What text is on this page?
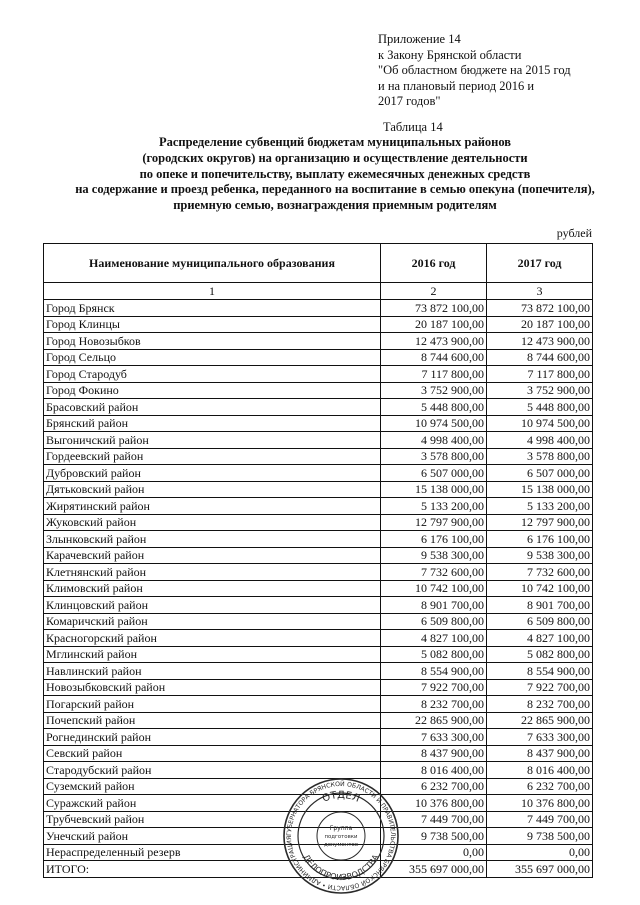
Приложение 14
к Закону Брянской области
"Об областном бюджете на 2015 год
и на плановый период 2016 и
2017 годов"
Таблица 14
Распределение субвенций бюджетам муниципальных районов
(городских округов) на организацию и осуществление деятельности
по опеке и попечительству, выплату ежемесячных денежных средств
на содержание и проезд ребенка, переданного на воспитание в семью опекуна (попечителя),
приемную семью, вознаграждения приемным родителям
рублей
Наименование муниципального образования	2016 год	2017 год
1	2	3
Город Брянск	73 872 100,00	73 872 100,00
Город Клинцы	20 187 100,00	20 187 100,00
Город Новозыбков	12 473 900,00	12 473 900,00
Город Сельцо	8 744 600,00	8 744 600,00
Город Стародуб	7 117 800,00	7 117 800,00
Город Фокино	3 752 900,00	3 752 900,00
Брасовский район	5 448 800,00	5 448 800,00
Брянский район	10 974 500,00	10 974 500,00
Выгоничский район	4 998 400,00	4 998 400,00
Гордеевский район	3 578 800,00	3 578 800,00
Дубровский район	6 507 000,00	6 507 000,00
Дятьковский район	15 138 000,00	15 138 000,00
Жирятинский район	5 133 200,00	5 133 200,00
Жуковский район	12 797 900,00	12 797 900,00
Злынковский район	6 176 100,00	6 176 100,00
Карачевский район	9 538 300,00	9 538 300,00
Клетнянский район	7 732 600,00	7 732 600,00
Климовский район	10 742 100,00	10 742 100,00
Клинцовский район	8 901 700,00	8 901 700,00
Комаричский район	6 509 800,00	6 509 800,00
Красногорский район	4 827 100,00	4 827 100,00
Мглинский район	5 082 800,00	5 082 800,00
Навлинский район	8 554 900,00	8 554 900,00
Новозыбковский район	7 922 700,00	7 922 700,00
Погарский район	8 232 700,00	8 232 700,00
Почепский район	22 865 900,00	22 865 900,00
Рогнединский район	7 633 300,00	7 633 300,00
Севский район	8 437 900,00	8 437 900,00
Стародубский район	8 016 400,00	8 016 400,00
Суземский район	6 232 700,00	6 232 700,00
Суражский район	10 376 800,00	10 376 800,00
Трубчевский район	7 449 700,00	7 449 700,00
Унечский район	9 738 500,00	9 738 500,00
Нераспределенный резерв	0,00	0,00
ИТОГО:	355 697 000,00	355 697 000,00
ГУБЕРНАТОРА БРЯНСКОЙ ОБЛАСТИ И ПРАВИТЕЛЬСТВА БРЯНСКОЙ ОБЛАСТИ • АДМИНИСТРАЦИЯ
ОТДЕЛ
ДЕЛОПРОИЗВОДСТВА
Группа
подготовки
документов
